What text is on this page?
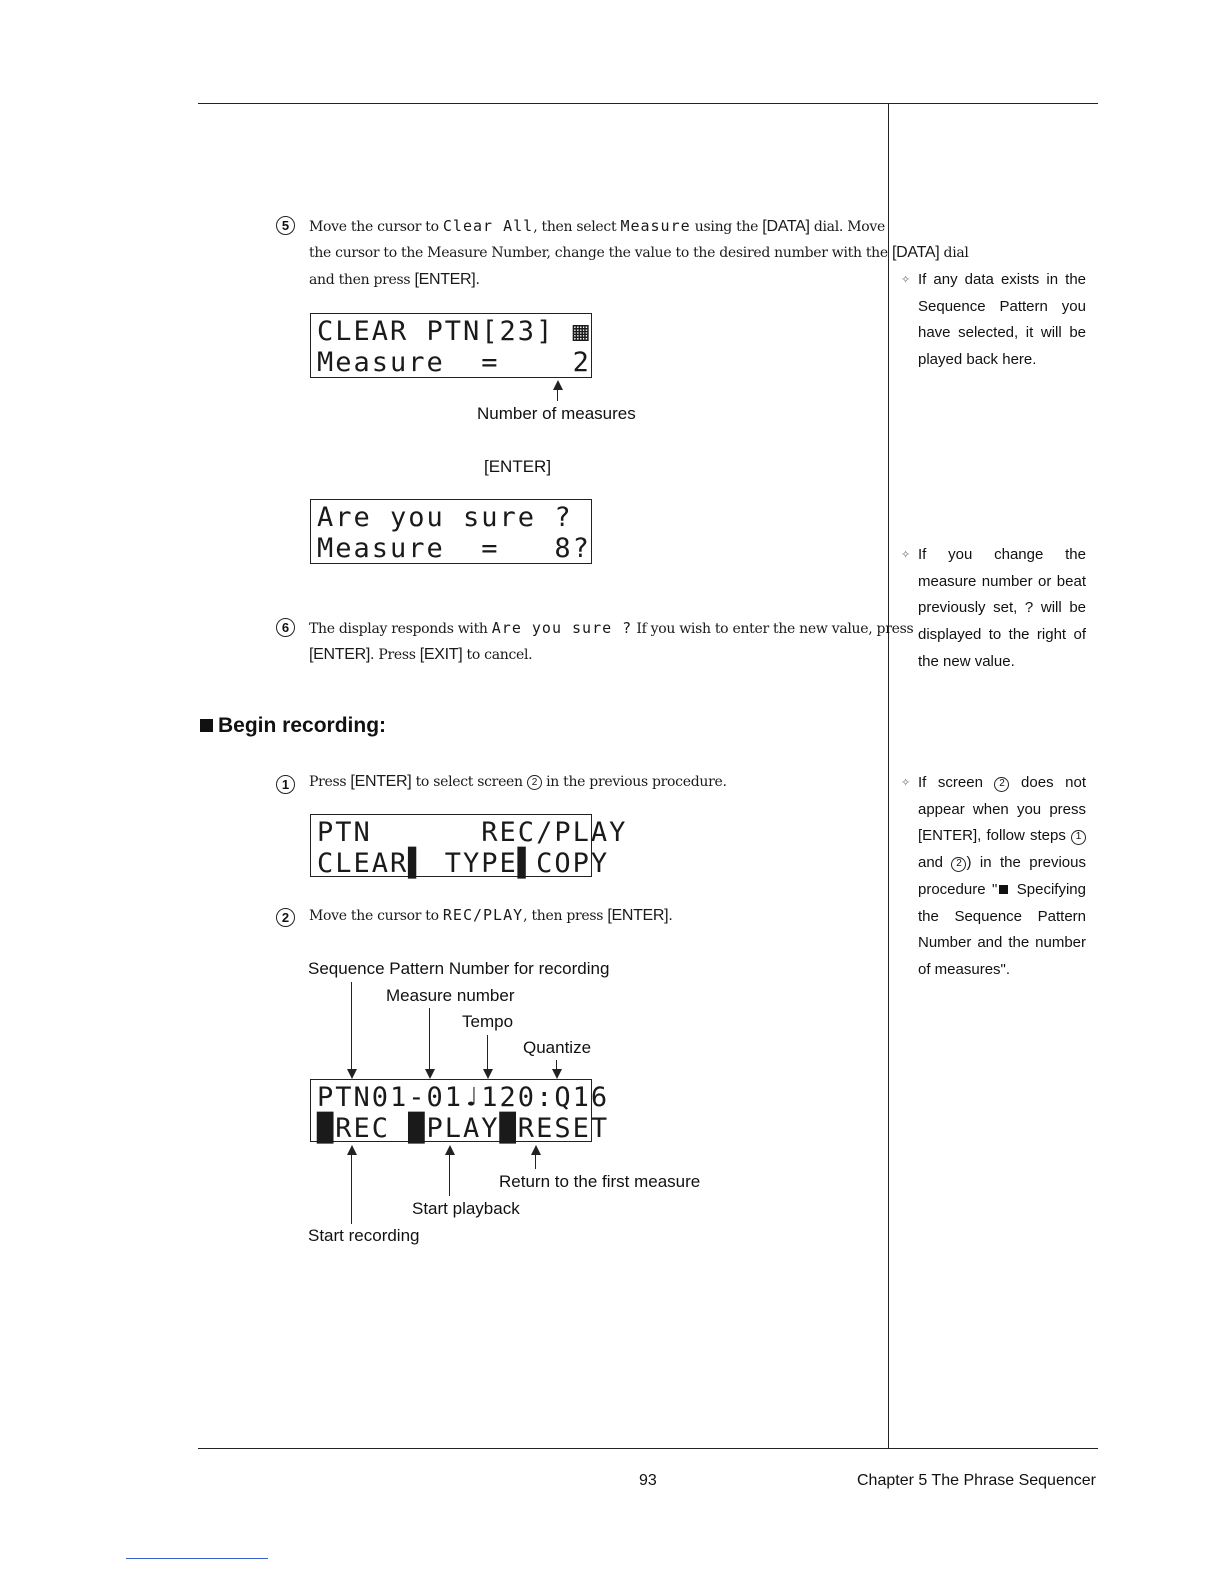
5	Move the cursor to Clear All, then select Measure using the [DATA] dial. Move
the cursor to the Measure Number, change the value to the desired number with the [DATA] dial
and then press [ENTER].
CLEAR PTN[23] ▦
Measure  =    2
Number of measures
[ENTER]
Are you sure ?
Measure  =   8?
6	The display responds with Are you sure ? If you wish to enter the new value, press
[ENTER]. Press [EXIT] to cancel.
Begin recording:
1	Press [ENTER] to select screen 2 in the previous procedure.
PTN      REC/PLAY
CLEAR▌ TYPE▌COPY
2	Move the cursor to REC/PLAY, then press [ENTER].
Sequence Pattern Number for recording
Measure number
Tempo
Quantize
PTN01-01♩120:Q16
█REC █PLAY█RESET
Return to the first measure
Start playback
Start recording
✧ If any data exists in the Sequence Pattern you have selected, it will be played back here.
✧ If you change the measure number or beat previously set, ? will be displayed to the right of the new value.
✧ If screen 2 does not appear when you press [ENTER], follow steps 1 and 2 ) in the previous procedure " Specifying the Sequence Pattern Number and the number of measures".
93	Chapter 5 The Phrase Sequencer
